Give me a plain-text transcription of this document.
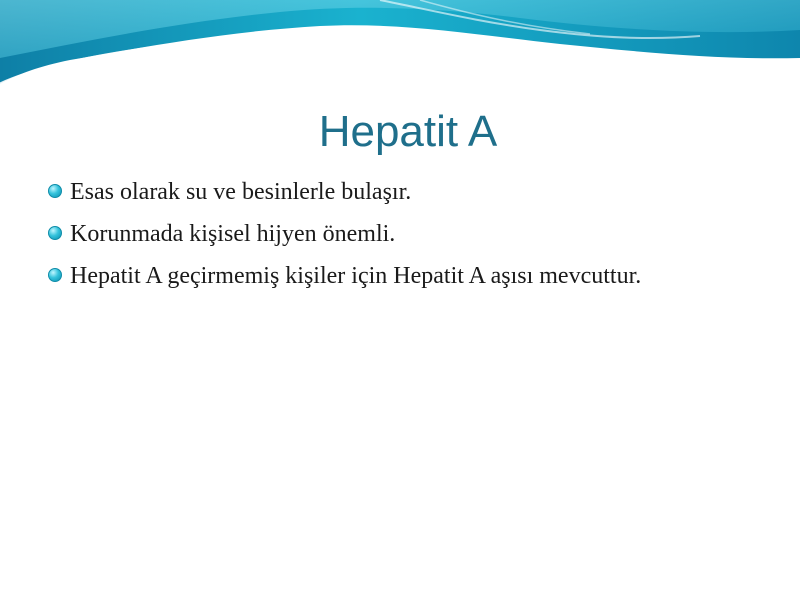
Hepatit A
Esas olarak su ve besinlerle bulaşır.
Korunmada kişisel hijyen önemli.
Hepatit A geçirmemiş kişiler için Hepatit A aşısı mevcuttur.
